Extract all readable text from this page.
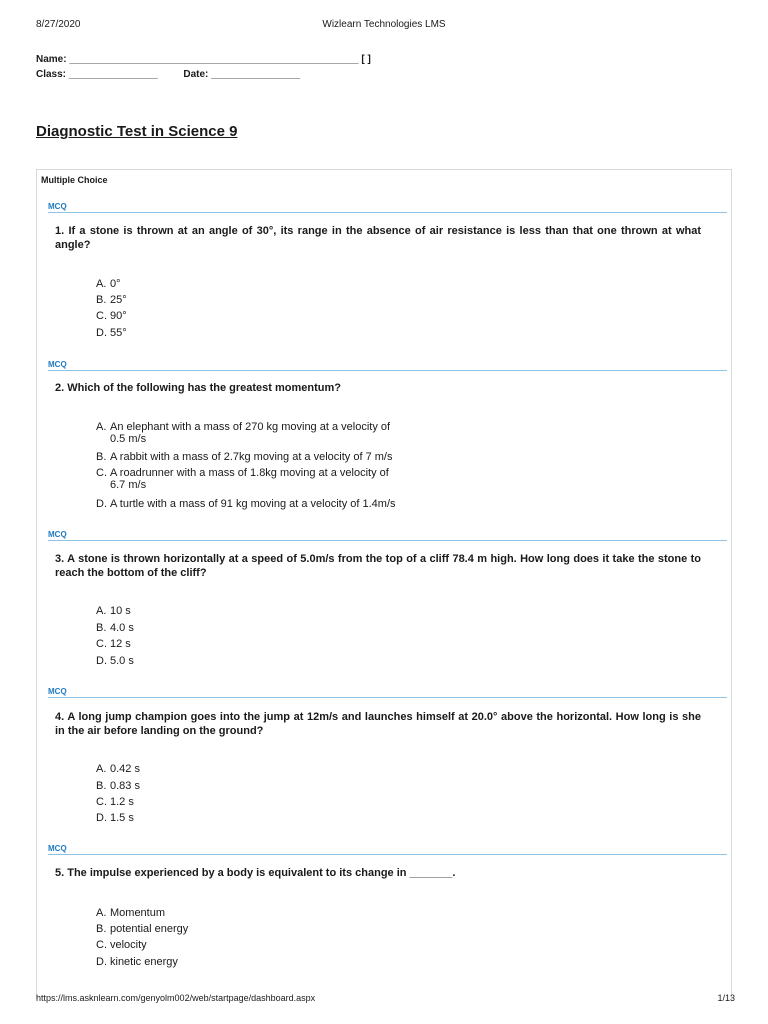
8/27/2020	Wizlearn Technologies LMS
Name: ____________________________________________________ [ ]
Class: ________________	Date: ________________
Diagnostic Test in Science 9
Multiple Choice
MCQ

1. If a stone is thrown at an angle of 30°, its range in the absence of air resistance is less than that one thrown at what angle?

A. 0°
B. 25°
C. 90°
D. 55°
MCQ

2. Which of the following has the greatest momentum?

A. An elephant with a mass of 270 kg moving at a velocity of
0.5 m/s
B. A rabbit with a mass of 2.7kg moving at a velocity of 7 m/s
C. A roadrunner with a mass of 1.8kg moving at a velocity of
6.7 m/s
D. A turtle with a mass of 91 kg moving at a velocity of 1.4m/s
MCQ

3. A stone is thrown horizontally at a speed of 5.0m/s from the top of a cliff 78.4 m high. How long does it take the stone to reach the bottom of the cliff?

A. 10 s
B. 4.0 s
C. 12 s
D. 5.0 s
MCQ

4. A long jump champion goes into the jump at 12m/s and launches himself at 20.0° above the horizontal. How long is she in the air before landing on the ground?

A. 0.42 s
B. 0.83 s
C. 1.2 s
D. 1.5 s
MCQ

5. The impulse experienced by a body is equivalent to its change in _______.

A. Momentum
B. potential energy
C. velocity
D. kinetic energy
https://lms.asknlearn.com/genyolm002/web/startpage/dashboard.aspx	1/13
